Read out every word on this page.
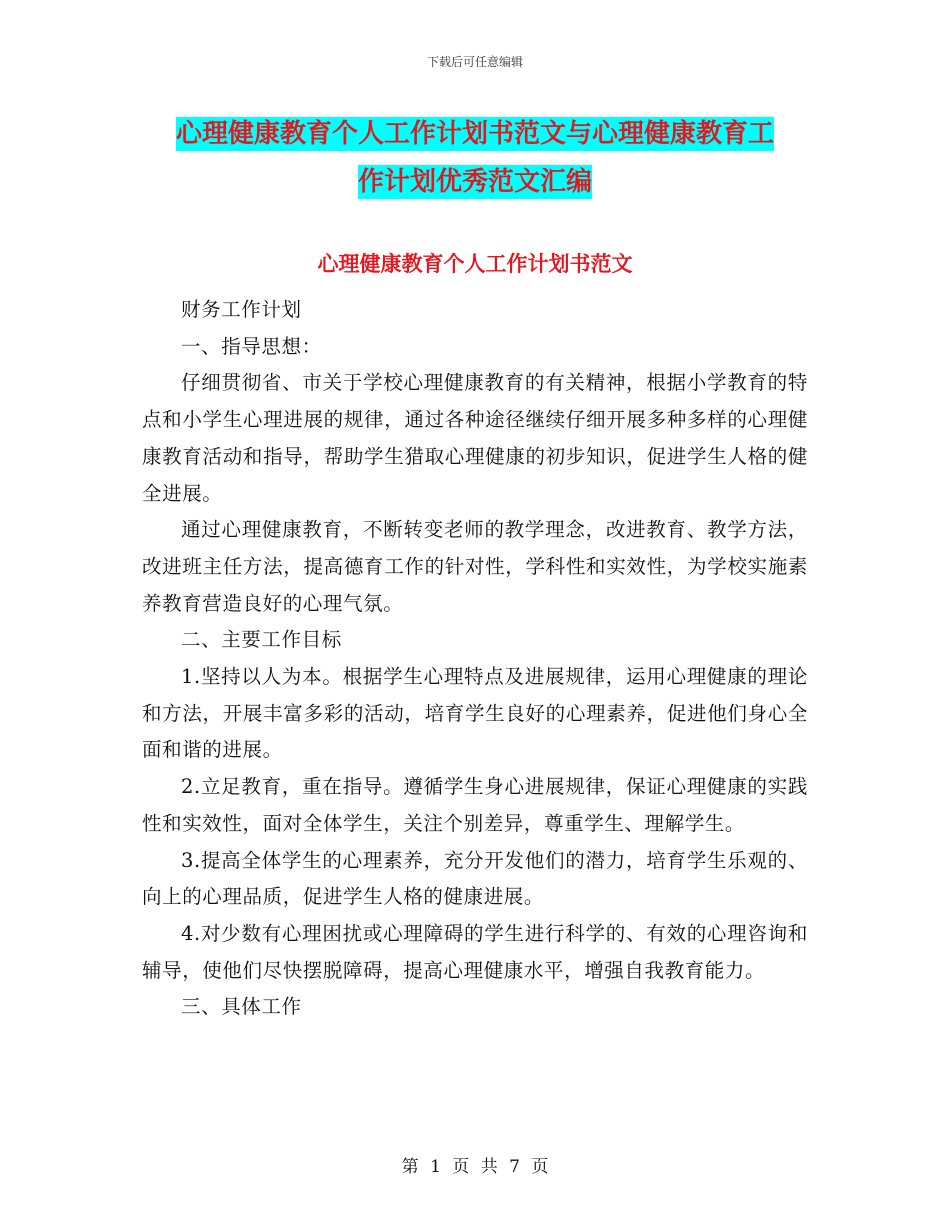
下载后可任意编辑
心理健康教育个人工作计划书范文与心理健康教育工
作计划优秀范文汇编
心理健康教育个人工作计划书范文

财务工作计划

一、指导思想：

仔细贯彻省、市关于学校心理健康教育的有关精神，根据小学教育的特点和小学生心理进展的规律，通过各种途径继续仔细开展多种多样的心理健康教育活动和指导，帮助学生猎取心理健康的初步知识，促进学生人格的健全进展。

通过心理健康教育，不断转变老师的教学理念，改进教育、教学方法，改进班主任方法，提高德育工作的针对性，学科性和实效性，为学校实施素养教育营造良好的心理气氛。

二、主要工作目标

1.坚持以人为本。根据学生心理特点及进展规律，运用心理健康的理论和方法，开展丰富多彩的活动，培育学生良好的心理素养，促进他们身心全面和谐的进展。

2.立足教育，重在指导。遵循学生身心进展规律，保证心理健康的实践性和实效性，面对全体学生，关注个别差异，尊重学生、理解学生。

3.提高全体学生的心理素养，充分开发他们的潜力，培育学生乐观的、向上的心理品质，促进学生人格的健康进展。

4.对少数有心理困扰或心理障碍的学生进行科学的、有效的心理咨询和辅导，使他们尽快摆脱障碍，提高心理健康水平，增强自我教育能力。

三、具体工作

第 1 页 共 7 页
